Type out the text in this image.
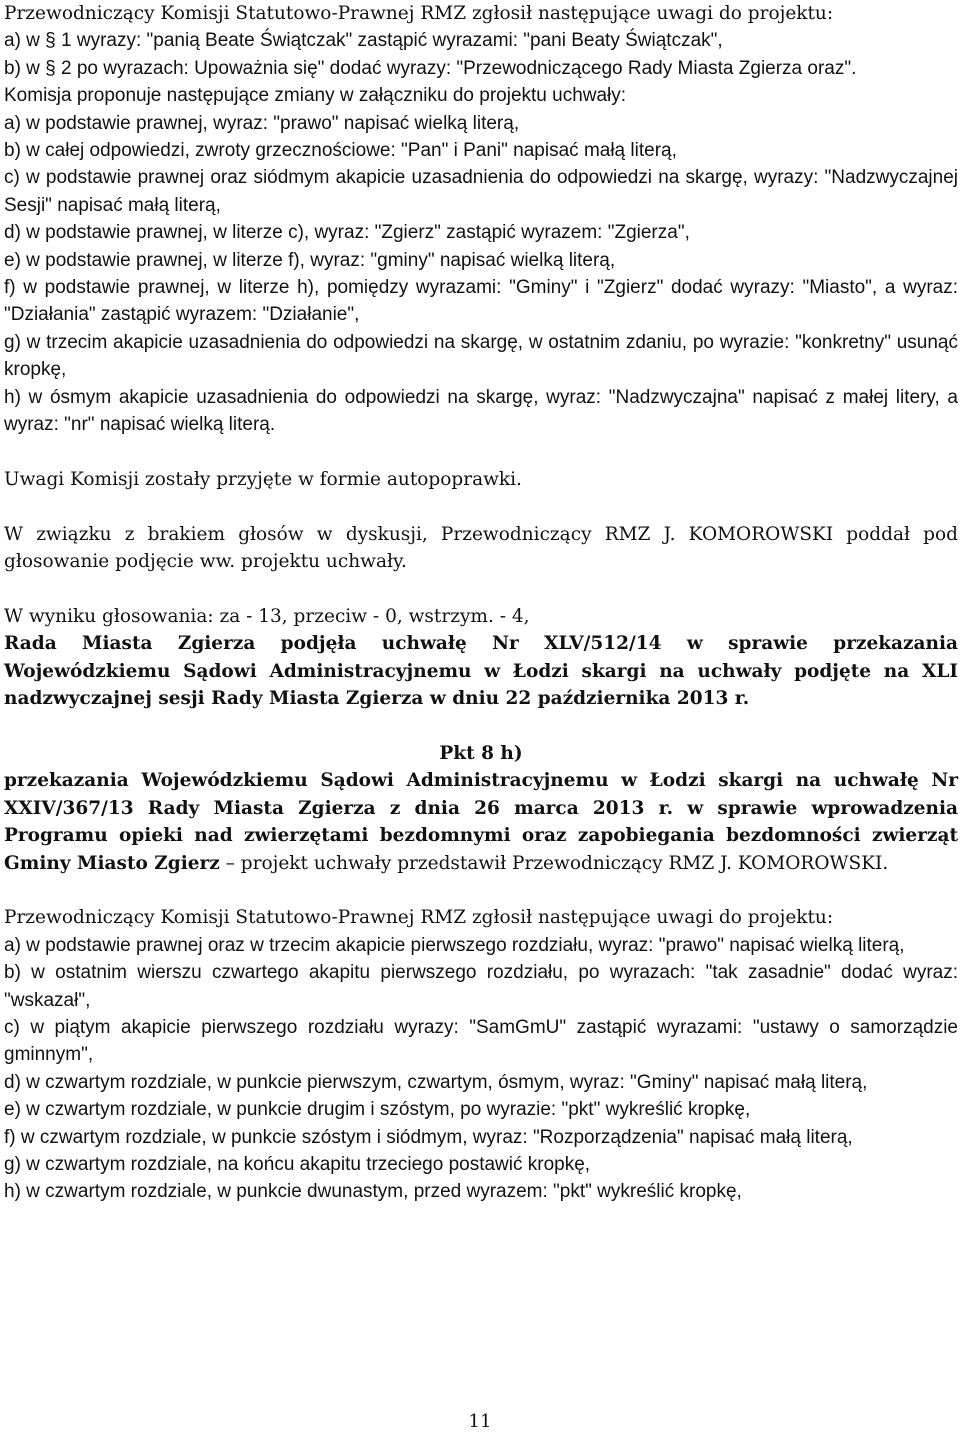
Przewodniczący Komisji Statutowo-Prawnej RMZ zgłosił następujące uwagi do projektu:

a) w § 1 wyrazy: "panią Beate Świątczak" zastąpić wyrazami: "pani Beaty Świątczak",

b) w § 2 po wyrazach: Upoważnia się" dodać wyrazy: "Przewodniczącego Rady Miasta Zgierza oraz".

Komisja proponuje następujące zmiany w załączniku do projektu uchwały:

a) w podstawie prawnej, wyraz: "prawo" napisać wielką literą,

b) w całej odpowiedzi, zwroty grzecznościowe: "Pan" i Pani" napisać małą literą,

c) w podstawie prawnej oraz siódmym akapicie uzasadnienia do odpowiedzi na skargę, wyrazy: "Nadzwyczajnej Sesji" napisać małą literą,

d) w podstawie prawnej, w literze c), wyraz: "Zgierz" zastąpić wyrazem: "Zgierza",

e) w podstawie prawnej, w literze f), wyraz: "gminy" napisać wielką literą,

f) w podstawie prawnej, w literze h), pomiędzy wyrazami: "Gminy" i "Zgierz" dodać wyrazy: "Miasto", a wyraz: "Działania" zastąpić wyrazem: "Działanie",

g) w trzecim akapicie uzasadnienia do odpowiedzi na skargę, w ostatnim zdaniu, po wyrazie: "konkretny" usunąć kropkę,

h) w ósmym akapicie uzasadnienia do odpowiedzi na skargę, wyraz: "Nadzwyczajna" napisać z małej litery, a wyraz: "nr" napisać wielką literą.

Uwagi Komisji zostały przyjęte w formie autopoprawki.

W związku z brakiem głosów w dyskusji, Przewodniczący RMZ J. KOMOROWSKI poddał pod głosowanie podjęcie ww. projektu uchwały.

W wyniku głosowania: za - 13, przeciw - 0, wstrzym. - 4,

Rada Miasta Zgierza podjęła uchwałę Nr XLV/512/14 w sprawie przekazania Wojewódzkiemu Sądowi Administracyjnemu w Łodzi skargi na uchwały podjęte na XLI nadzwyczajnej sesji Rady Miasta Zgierza w dniu 22 października 2013 r.

Pkt 8 h)

przekazania Wojewódzkiemu Sądowi Administracyjnemu w Łodzi skargi na uchwałę Nr XXIV/367/13 Rady Miasta Zgierza z dnia 26 marca 2013 r. w sprawie wprowadzenia Programu opieki nad zwierzętami bezdomnymi oraz zapobiegania bezdomności zwierząt Gminy Miasto Zgierz – projekt uchwały przedstawił Przewodniczący RMZ J. KOMOROWSKI.

Przewodniczący Komisji Statutowo-Prawnej RMZ zgłosił następujące uwagi do projektu:

a) w podstawie prawnej oraz w trzecim akapicie pierwszego rozdziału, wyraz: "prawo" napisać wielką literą,

b) w ostatnim wierszu czwartego akapitu pierwszego rozdziału, po wyrazach: "tak zasadnie" dodać wyraz: "wskazał",

c) w piątym akapicie pierwszego rozdziału wyrazy: "SamGmU" zastąpić wyrazami: "ustawy o samorządzie gminnym",

d) w czwartym rozdziale, w punkcie pierwszym, czwartym, ósmym, wyraz: "Gminy" napisać małą literą,

e) w czwartym rozdziale, w punkcie drugim i szóstym, po wyrazie: "pkt" wykreślić kropkę,

f) w czwartym rozdziale, w punkcie szóstym i siódmym, wyraz: "Rozporządzenia" napisać małą literą,

g) w czwartym rozdziale, na końcu akapitu trzeciego postawić kropkę,

h) w czwartym rozdziale, w punkcie dwunastym, przed wyrazem: "pkt" wykreślić kropkę,

11
